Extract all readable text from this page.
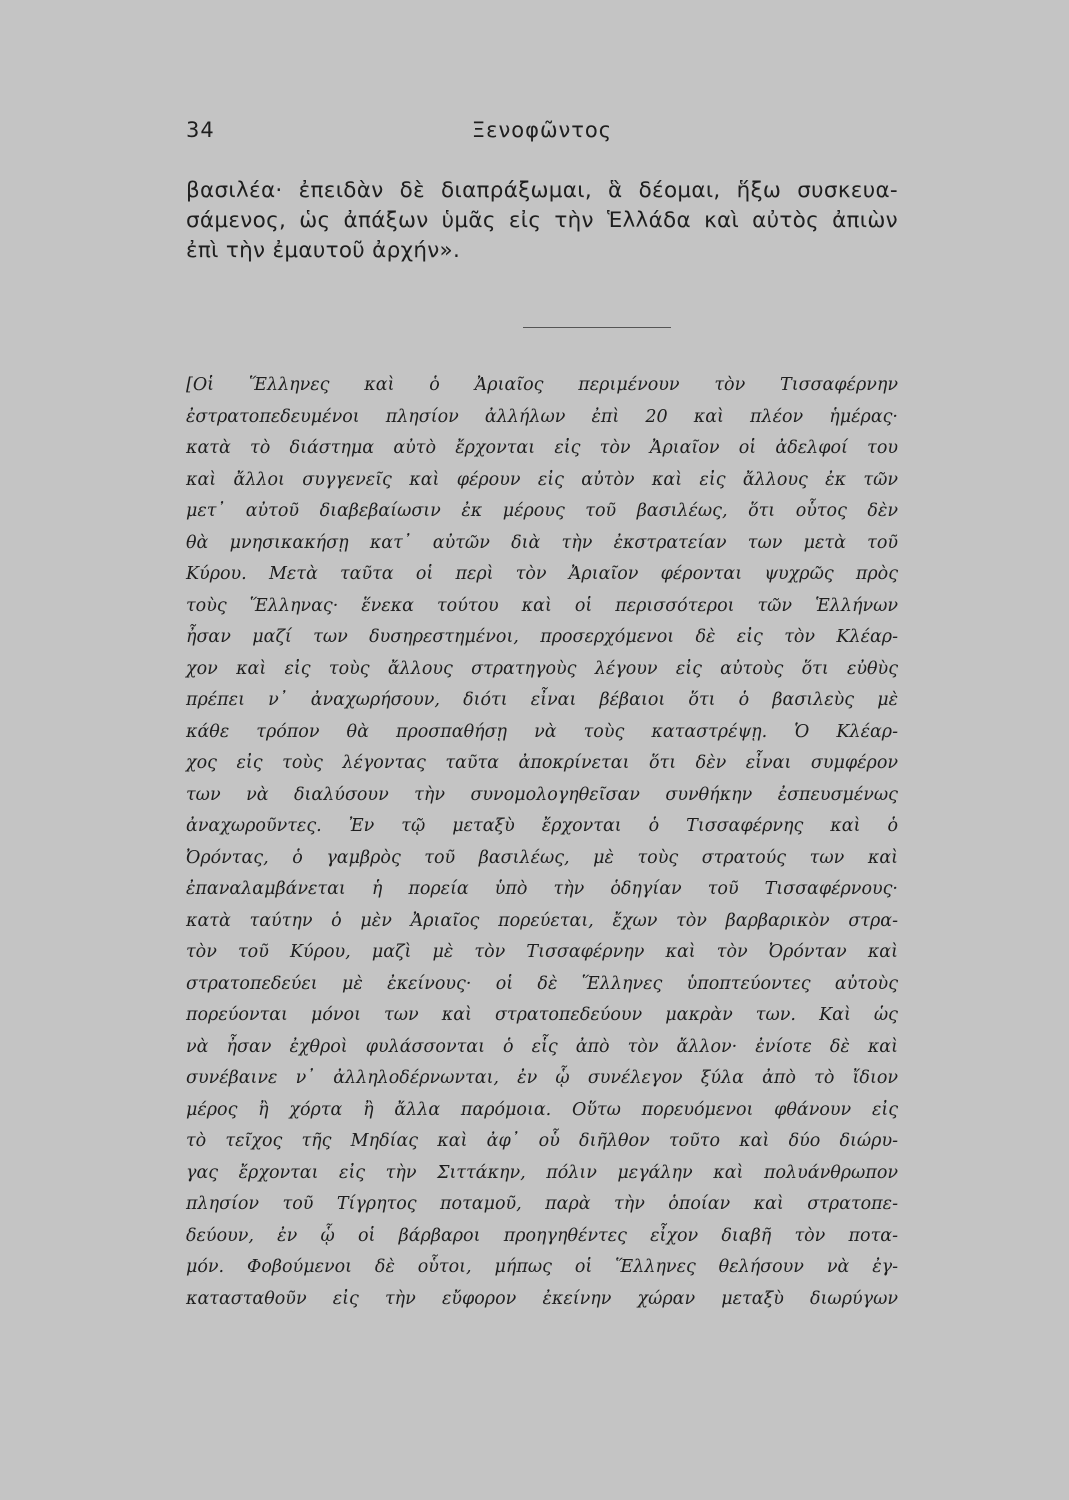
34	Ξενοφῶντος
βασιλέα· ἐπειδὰν δὲ διαπράξωμαι, ἃ δέομαι, ἥξω συσκευα-
σάμενος, ὡς ἀπάξων ὑμᾶς εἰς τὴν Ἑλλάδα καὶ αὐτὸς ἀπιὼν
ἐπὶ τὴν ἐμαυτοῦ ἀρχήν».
[Οἱ Ἕλληνες καὶ ὁ Ἀριαῖος περιμένουν τὸν Τισσαφέρνην
ἐστρατοπεδευμένοι πλησίον ἀλλήλων ἐπὶ 20 καὶ πλέον ἡμέρας·
κατὰ τὸ διάστημα αὐτὸ ἔρχονται εἰς τὸν Ἀριαῖον οἱ ἀδελφοί του
καὶ ἄλλοι συγγενεῖς καὶ φέρουν εἰς αὐτὸν καὶ εἰς ἄλλους ἐκ τῶν
μετ᾽ αὐτοῦ διαβεβαίωσιν ἐκ μέρους τοῦ βασιλέως, ὅτι οὗτος δὲν
θὰ μνησικακήσῃ κατ᾽ αὐτῶν διὰ τὴν ἐκστρατείαν των μετὰ τοῦ
Κύρου. Μετὰ ταῦτα οἱ περὶ τὸν Ἀριαῖον φέρονται ψυχρῶς πρὸς
τοὺς Ἕλληνας· ἕνεκα τούτου καὶ οἱ περισσότεροι τῶν Ἑλλήνων
ἦσαν μαζί των δυσηρεστημένοι, προσερχόμενοι δὲ εἰς τὸν Κλέαρ-
χον καὶ εἰς τοὺς ἄλλους στρατηγοὺς λέγουν εἰς αὐτοὺς ὅτι εὐθὺς
πρέπει ν᾽ ἀναχωρήσουν, διότι εἶναι βέβαιοι ὅτι ὁ βασιλεὺς μὲ
κάθε τρόπον θὰ προσπαθήσῃ νὰ τοὺς καταστρέψῃ. Ὁ Κλέαρ-
χος εἰς τοὺς λέγοντας ταῦτα ἀποκρίνεται ὅτι δὲν εἶναι συμφέρον
των νὰ διαλύσουν τὴν συνομολογηθεῖσαν συνθήκην ἐσπευσμένως
ἀναχωροῦντες. Ἐν τῷ μεταξὺ ἔρχονται ὁ Τισσαφέρνης καὶ ὁ
Ὀρόντας, ὁ γαμβρὸς τοῦ βασιλέως, μὲ τοὺς στρατούς των καὶ
ἐπαναλαμβάνεται ἡ πορεία ὑπὸ τὴν ὁδηγίαν τοῦ Τισσαφέρνους·
κατὰ ταύτην ὁ μὲν Ἀριαῖος πορεύεται, ἔχων τὸν βαρβαρικὸν στρα-
τὸν τοῦ Κύρου, μαζὶ μὲ τὸν Τισσαφέρνην καὶ τὸν Ὀρόνταν καὶ
στρατοπεδεύει μὲ ἐκείνους· οἱ δὲ Ἕλληνες ὑποπτεύοντες αὐτοὺς
πορεύονται μόνοι των καὶ στρατοπεδεύουν μακρὰν των. Καὶ ὡς
νὰ ἦσαν ἐχθροὶ φυλάσσονται ὁ εἷς ἀπὸ τὸν ἄλλον· ἐνίοτε δὲ καὶ
συνέβαινε ν᾽ ἀλληλοδέρνωνται, ἐν ᾧ συνέλεγον ξύλα ἀπὸ τὸ ἴδιον
μέρος ἢ χόρτα ἢ ἄλλα παρόμοια. Οὕτω πορευόμενοι φθάνουν εἰς
τὸ τεῖχος τῆς Μηδίας καὶ ἀφ᾽ οὗ διῆλθον τοῦτο καὶ δύο διώρυ-
γας ἔρχονται εἰς τὴν Σιττάκην, πόλιν μεγάλην καὶ πολυάνθρωπον
πλησίον τοῦ Τίγρητος ποταμοῦ, παρὰ τὴν ὁποίαν καὶ στρατοπε-
δεύουν, ἐν ᾧ οἱ βάρβαροι προηγηθέντες εἶχον διαβῆ τὸν ποτα-
μόν. Φοβούμενοι δὲ οὗτοι, μήπως οἱ Ἕλληνες θελήσουν νὰ ἐγ-
κατασταθοῦν εἰς τὴν εὔφορον ἐκείνην χώραν μεταξὺ διωρύγων
